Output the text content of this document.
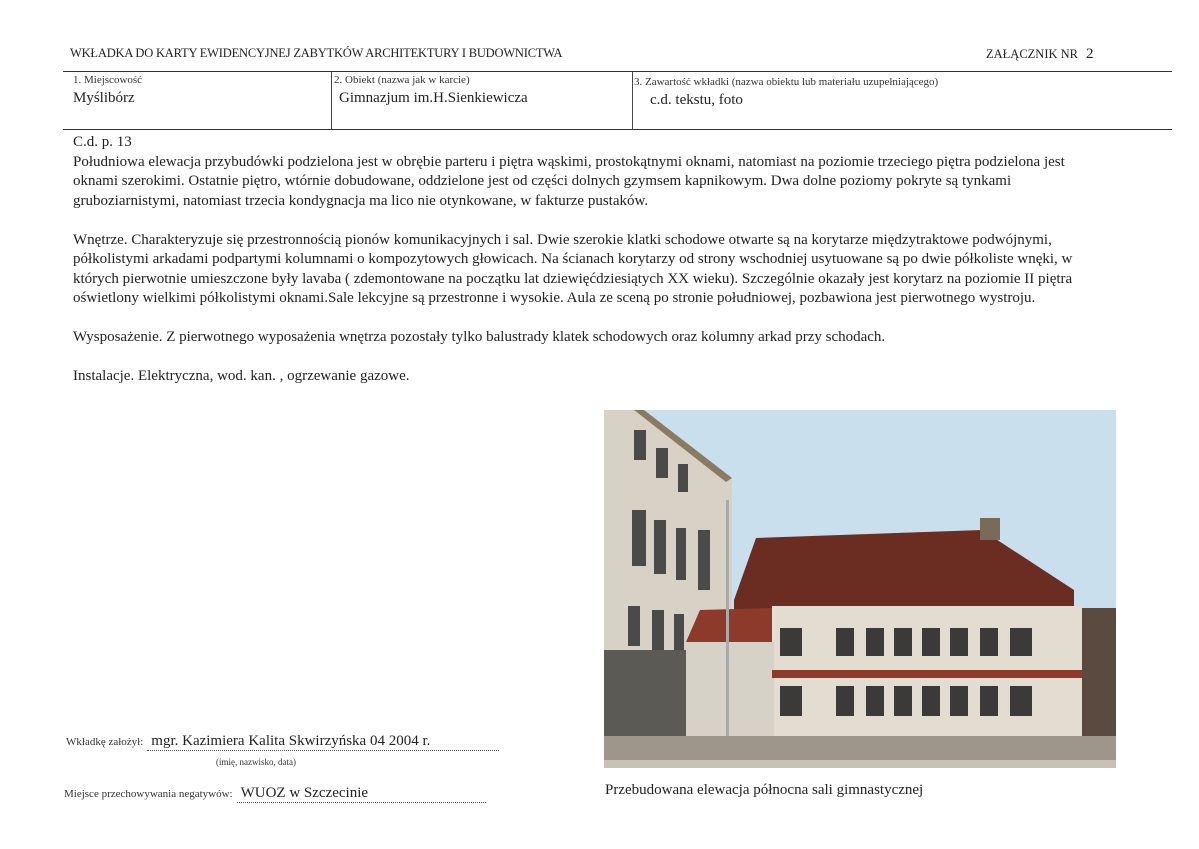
WKŁADKA DO KARTY EWIDENCYJNEJ ZABYTKÓW ARCHITEKTURY I BUDOWNICTWA	ZAŁĄCZNIK NR 2
1. Miejscowość
Myślibórz
2. Obiekt (nazwa jak w karcie)
Gimnazjum im.H.Sienkiewicza
3. Zawartość wkładki (nazwa obiektu lub materiału uzupełniającego)
c.d. tekstu, foto
C.d. p. 13

Południowa elewacja przybudówki podzielona jest w obrębie parteru i piętra wąskimi, prostokątnymi oknami, natomiast na poziomie trzeciego piętra podzielona jest oknami szerokimi. Ostatnie piętro, wtórnie dobudowane, oddzielone jest od części dolnych gzymsem kapnikowym. Dwa dolne poziomy pokryte są tynkami gruboziarnistymi, natomiast trzecia kondygnacja ma lico nie otynkowane, w fakturze pustaków.

Wnętrze. Charakteryzuje się przestronnością pionów komunikacyjnych i sal. Dwie szerokie klatki schodowe otwarte są na korytarze międzytraktowe podwójnymi, półkolistymi arkadami podpartymi kolumnami o kompozytowych głowicach. Na ścianach korytarzy od strony wschodniej usytuowane są po dwie półkoliste wnęki, w których pierwotnie umieszczone były lavaba ( zdemontowane na początku lat dziewięćdziesiątych XX wieku). Szczególnie okazały jest korytarz na poziomie II piętra oświetlony wielkimi półkolistymi oknami.Sale lekcyjne są przestronne i wysokie. Aula ze sceną po stronie południowej, pozbawiona jest pierwotnego wystroju.

Wysposażenie. Z pierwotnego wyposażenia wnętrza pozostały tylko balustrady klatek schodowych oraz kolumny arkad przy schodach.

Instalacje. Elektryczna, wod. kan. , ogrzewanie gazowe.

Przebudowana elewacja północna sali gimnastycznej
Wkładkę założył: mgr. Kazimiera Kalita Skwirzyńska 04 2004 r.
(imię, nazwisko, data)
Miejsce przechowywania negatywów: WUOZ w Szczecinie
